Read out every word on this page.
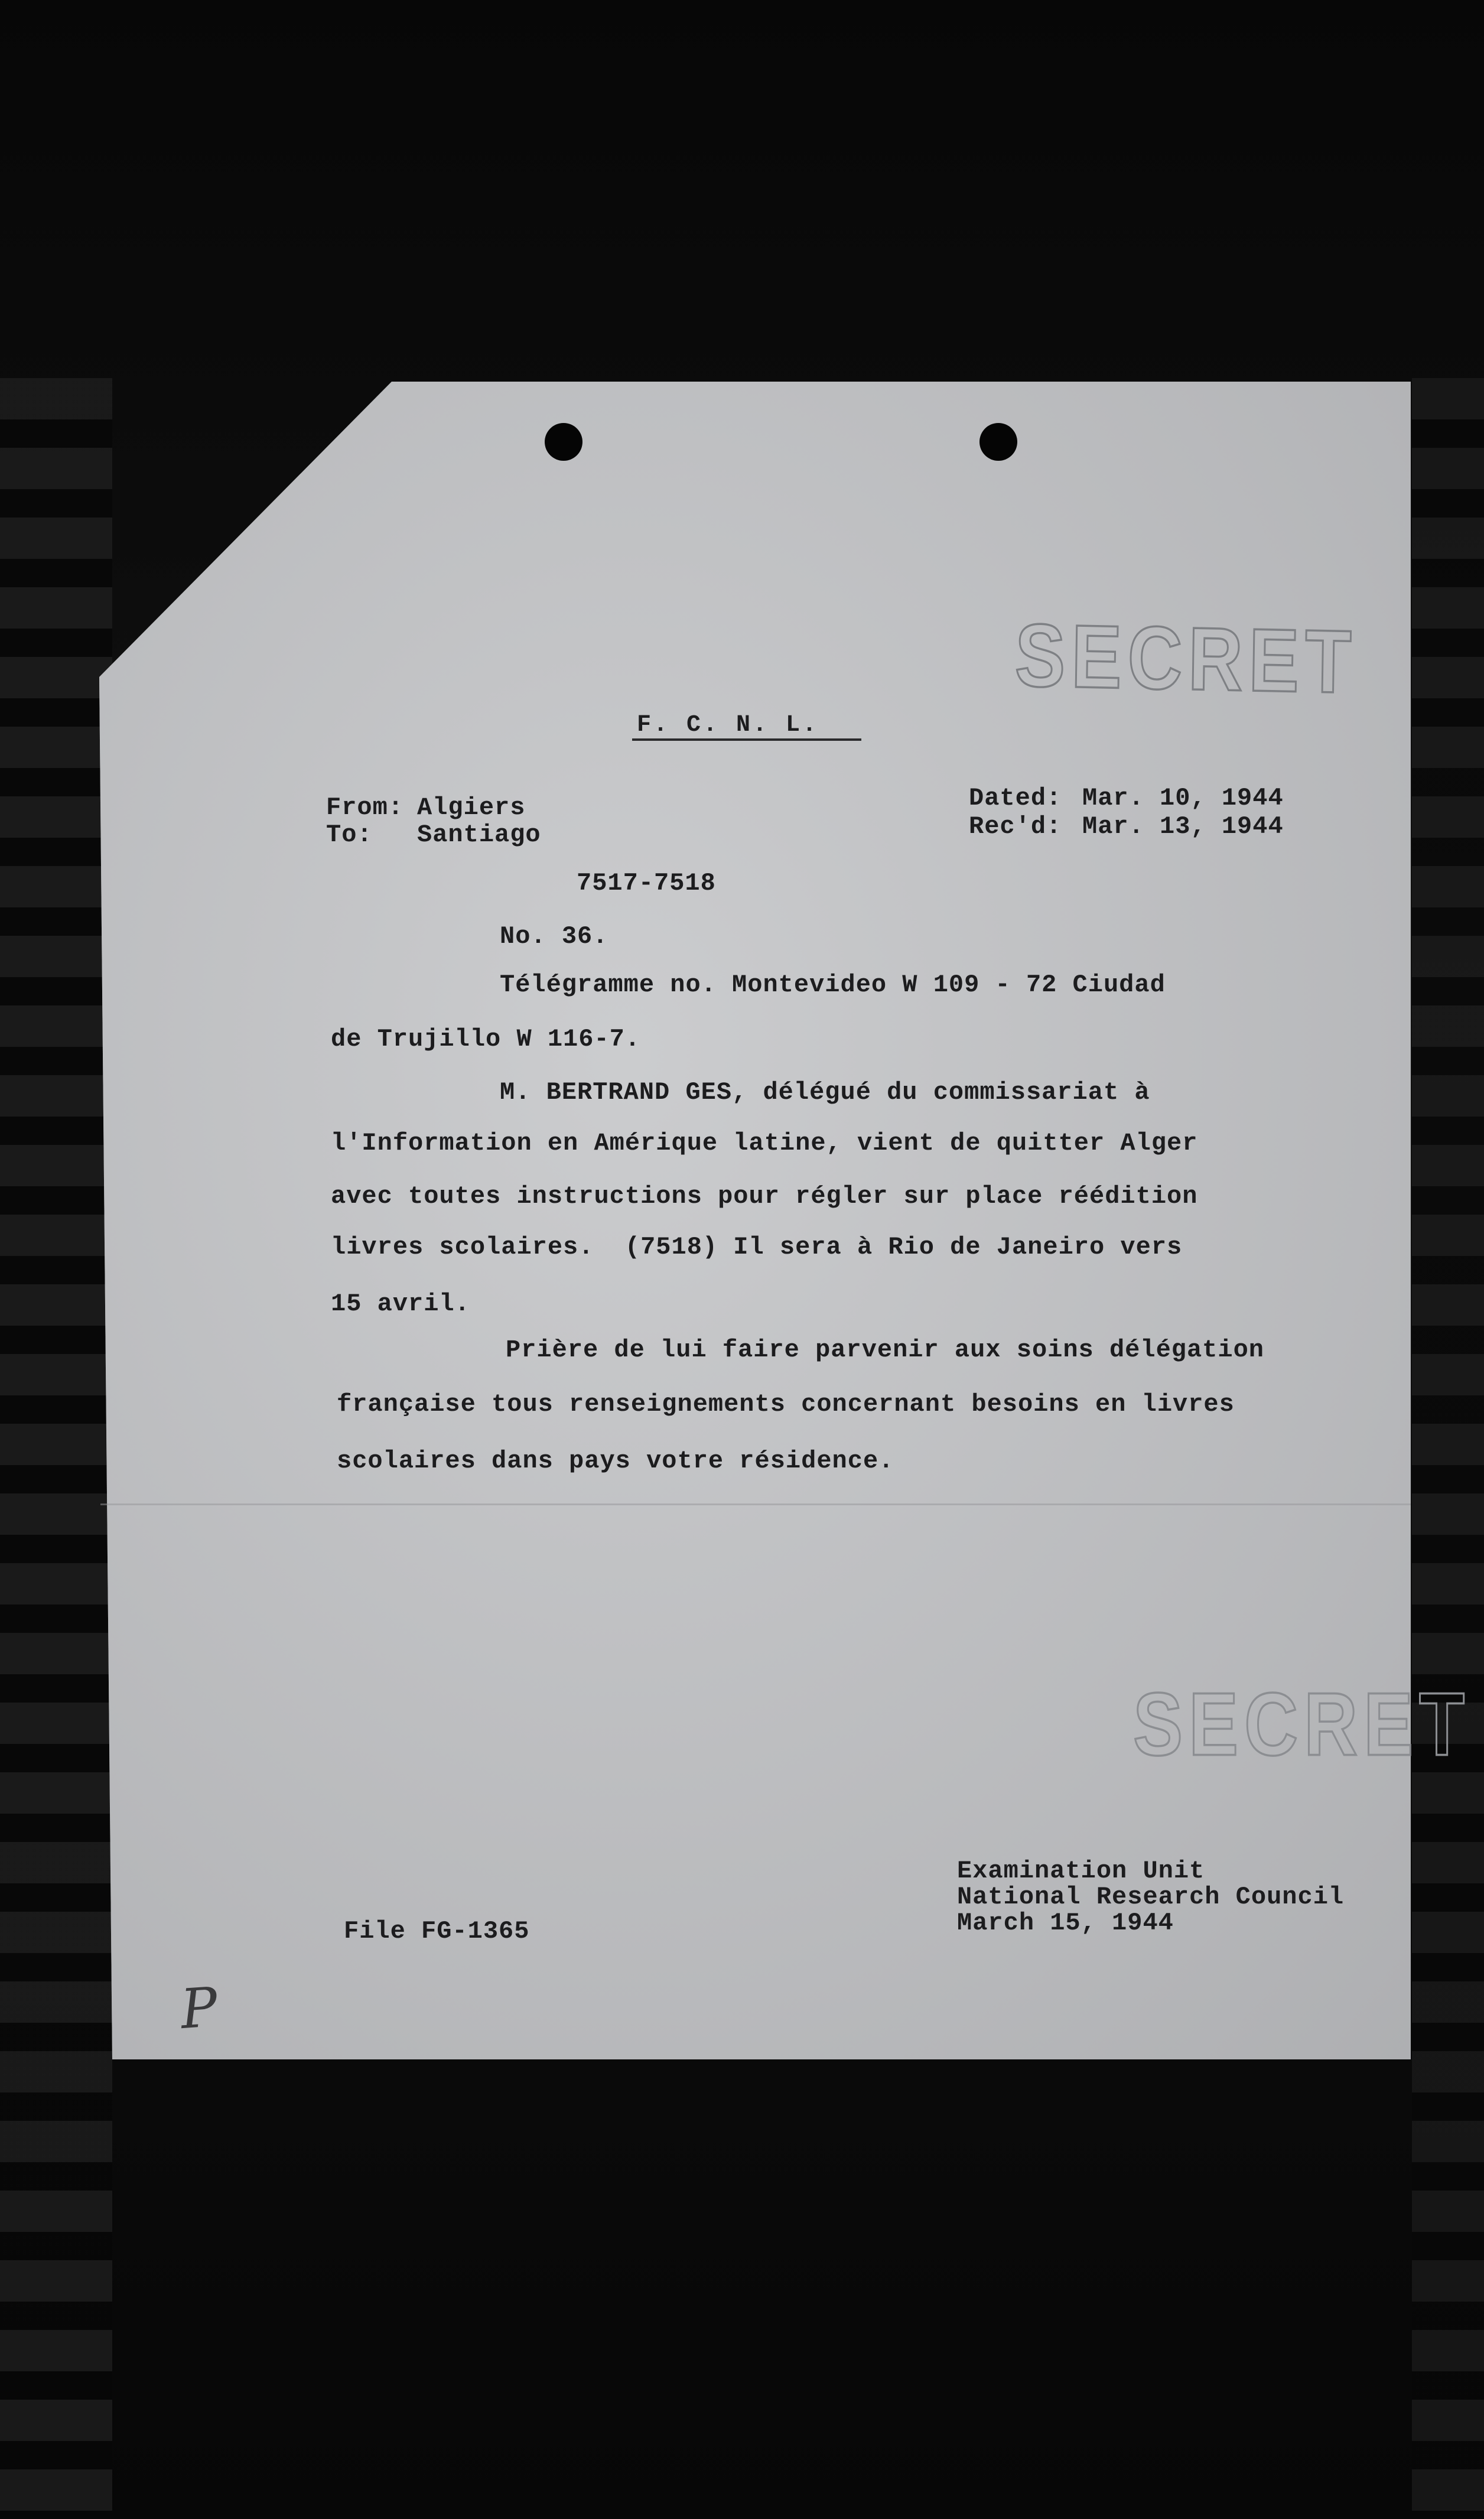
SECRET
SECRET
F. C. N. L.
From: Algiers
To: Santiago
Dated: Mar. 10, 1944
Rec'd: Mar. 13, 1944
7517-7518
No. 36.
Télégramme no. Montevideo W 109 - 72 Ciudad
de Trujillo W 116-7.
M. BERTRAND GES, délégué du commissariat à
l'Information en Amérique latine, vient de quitter Alger
avec toutes instructions pour régler sur place réédition
livres scolaires.  (7518) Il sera à Rio de Janeiro vers
15 avril.
Prière de lui faire parvenir aux soins délégation
française tous renseignements concernant besoins en livres
scolaires dans pays votre résidence.
File FG-1365
Examination Unit
National Research Council
March 15, 1944
P
